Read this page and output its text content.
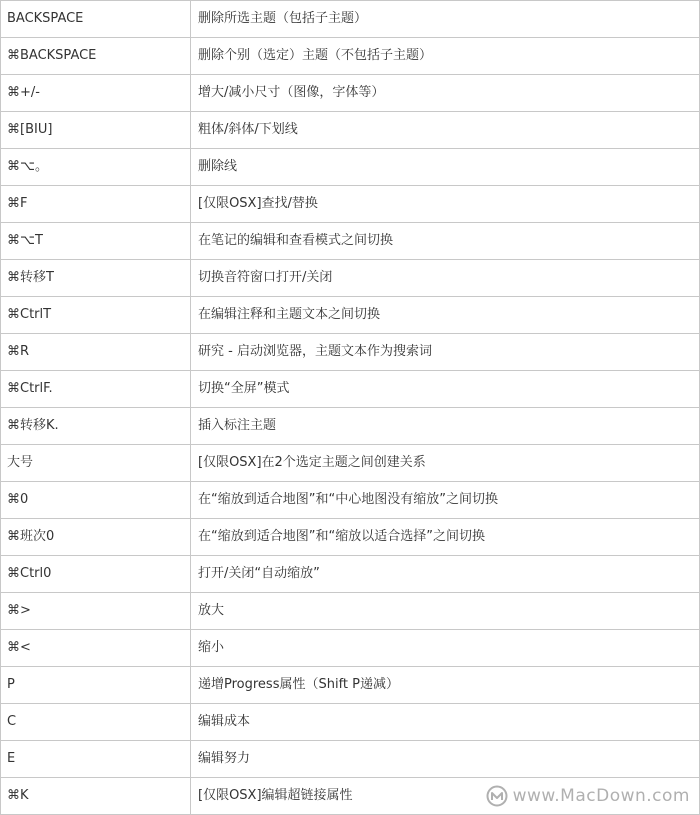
BACKSPACE	删除所选主题（包括子主题）
⌘BACKSPACE	删除个别（选定）主题（不包括子主题）
⌘+/-	增大/减小尺寸（图像，字体等）
⌘[BIU]	粗体/斜体/下划线
⌘⌥。	删除线
⌘F	[仅限OSX]查找/替换
⌘⌥T	在笔记的编辑和查看模式之间切换
⌘转移T	切换音符窗口打开/关闭
⌘CtrlT	在编辑注释和主题文本之间切换
⌘R	研究 - 启动浏览器，主题文本作为搜索词
⌘CtrlF.	切换“全屏”模式
⌘转移K.	插入标注主题
大号	[仅限OSX]在2个选定主题之间创建关系
⌘0	在“缩放到适合地图”和“中心地图没有缩放”之间切换
⌘班次0	在“缩放到适合地图”和“缩放以适合选择”之间切换
⌘Ctrl0	打开/关闭“自动缩放”
⌘>	放大
⌘<	缩小
P	递增Progress属性（Shift P递减）
C	编辑成本
E	编辑努力
⌘K	[仅限OSX]编辑超链接属性	www.MacDown.com
